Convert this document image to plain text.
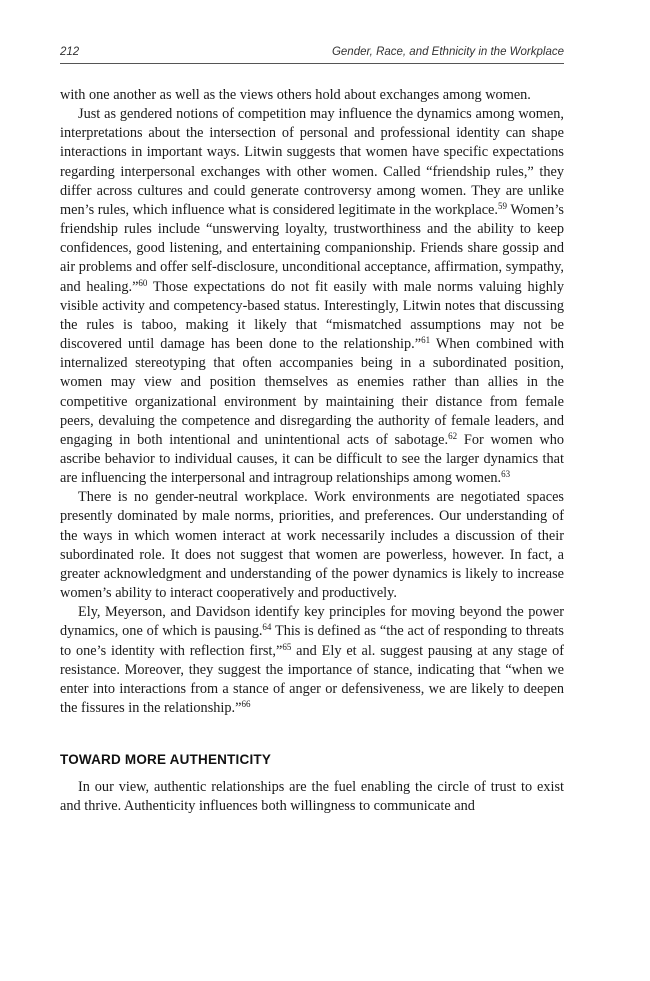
212	Gender, Race, and Ethnicity in the Workplace

with one another as well as the views others hold about exchanges among women.

Just as gendered notions of competition may influence the dynamics among women, interpretations about the intersection of personal and professional identity can shape interactions in important ways. Litwin suggests that women have specific expectations regarding interpersonal exchanges with other women. Called “friendship rules,” they differ across cultures and could generate controversy among women. They are unlike men’s rules, which influence what is considered legitimate in the workplace.$^{59}$ Women’s friendship rules include “unswerving loyalty, trustworthiness and the ability to keep confidences, good listening, and entertaining companionship. Friends share gossip and air problems and offer self-disclosure, unconditional acceptance, affirmation, sympathy, and healing.”$^{60}$ Those expectations do not fit easily with male norms valuing highly visible activity and competency-based status. Interestingly, Litwin notes that discussing the rules is taboo, making it likely that “mismatched assumptions may not be discovered until damage has been done to the relationship.”$^{61}$ When combined with internalized stereotyping that often accompanies being in a subordinated position, women may view and position themselves as enemies rather than allies in the competitive organizational environment by maintaining their distance from female peers, devaluing the competence and disregarding the authority of female leaders, and engaging in both intentional and unintentional acts of sabotage.$^{62}$ For women who ascribe behavior to individual causes, it can be difficult to see the larger dynamics that are influencing the interpersonal and intragroup relationships among women.$^{63}$

There is no gender-neutral workplace. Work environments are negotiated spaces presently dominated by male norms, priorities, and preferences. Our understanding of the ways in which women interact at work necessarily includes a discussion of their subordinated role. It does not suggest that women are powerless, however. In fact, a greater acknowledgment and understanding of the power dynamics is likely to increase women’s ability to interact cooperatively and productively.

Ely, Meyerson, and Davidson identify key principles for moving beyond the power dynamics, one of which is pausing.$^{64}$ This is defined as “the act of responding to threats to one’s identity with reflection first,”$^{65}$ and Ely et al. suggest pausing at any stage of resistance. Moreover, they suggest the importance of stance, indicating that “when we enter into interactions from a stance of anger or defensiveness, we are likely to deepen the fissures in the relationship.”$^{66}$

TOWARD MORE AUTHENTICITY

In our view, authentic relationships are the fuel enabling the circle of trust to exist and thrive. Authenticity influences both willingness to communicate and
